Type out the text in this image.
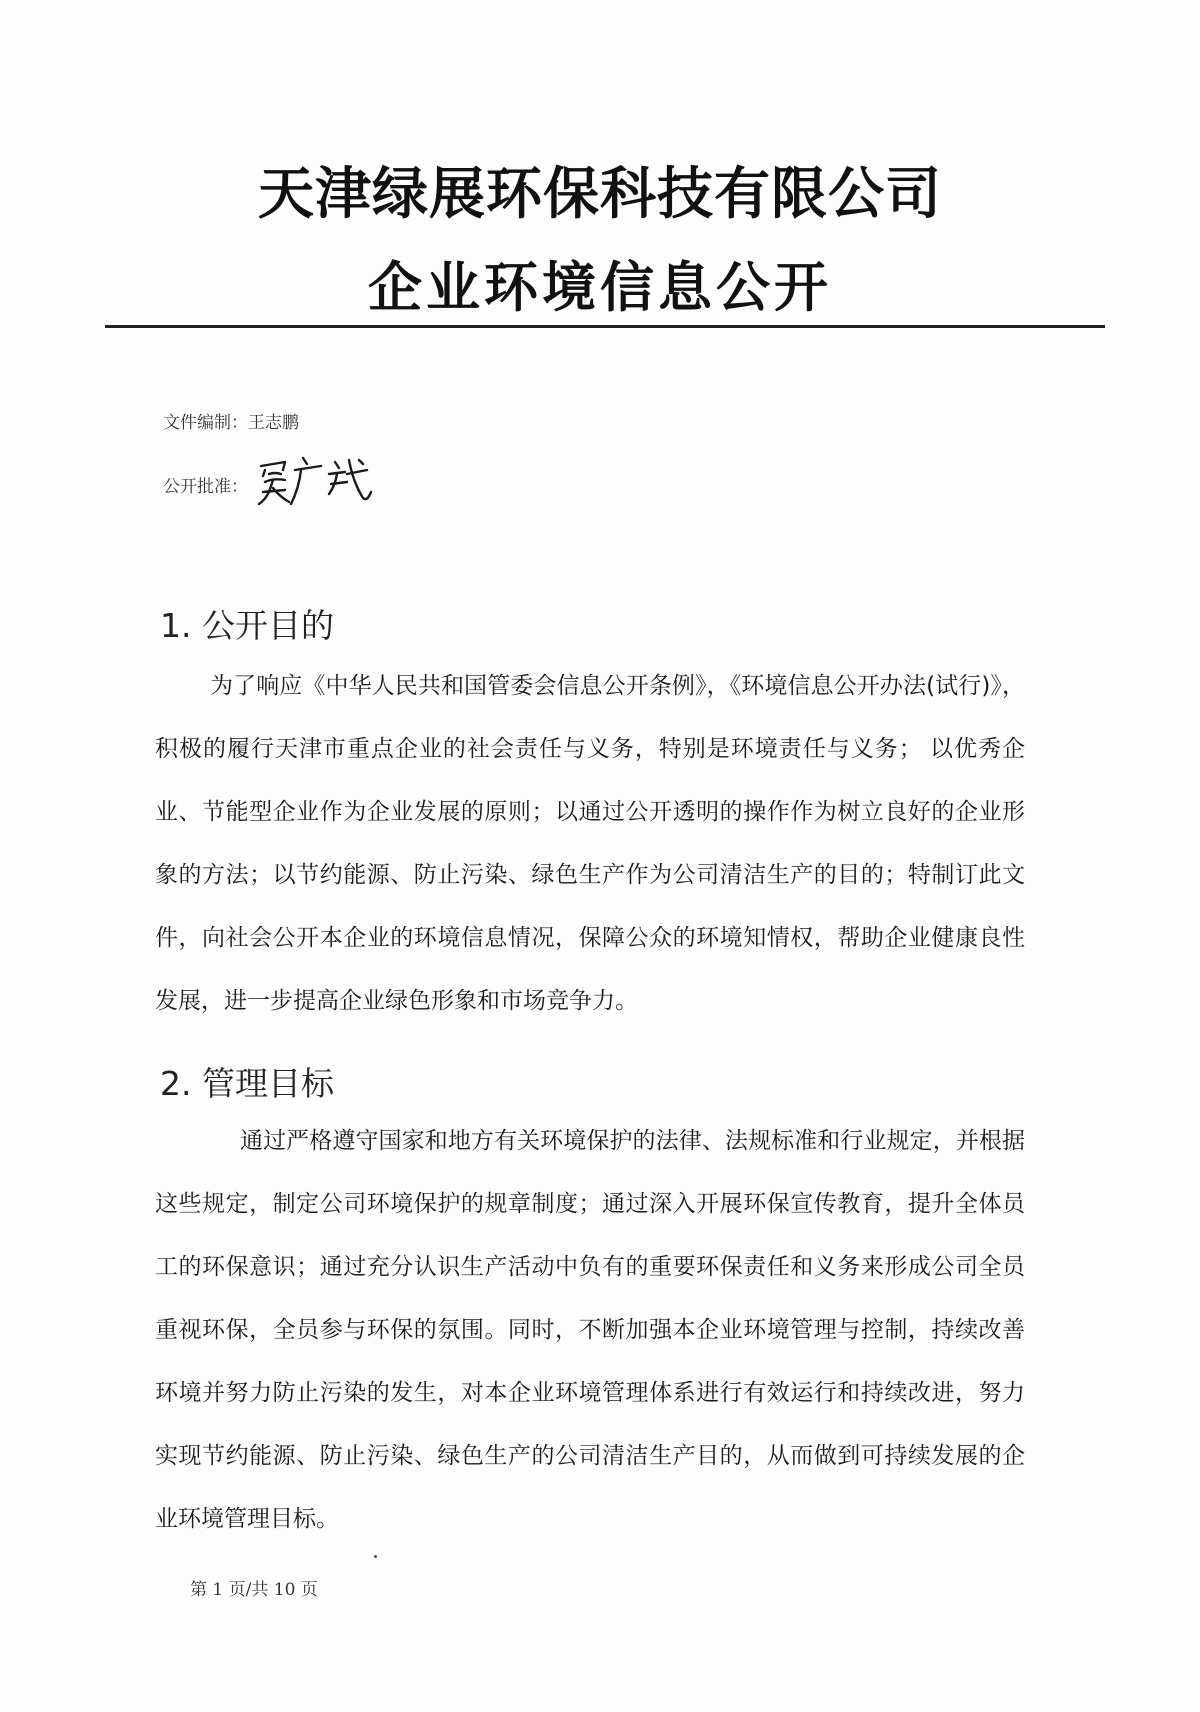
天津绿展环保科技有限公司
企业环境信息公开
文件编制：王志鹏
公开批准：
1. 公开目的

为了响应《中华人民共和国管委会信息公开条例》，《环境信息公开办法(试行)》，积极的履行天津市重点企业的社会责任与义务，特别是环境责任与义务； 以优秀企业、节能型企业作为企业发展的原则；以通过公开透明的操作作为树立良好的企业形象的方法；以节约能源、防止污染、绿色生产作为公司清洁生产的目的；特制订此文件，向社会公开本企业的环境信息情况，保障公众的环境知情权，帮助企业健康良性发展，进一步提高企业绿色形象和市场竞争力。

2. 管理目标

通过严格遵守国家和地方有关环境保护的法律、法规标准和行业规定，并根据这些规定，制定公司环境保护的规章制度；通过深入开展环保宣传教育，提升全体员工的环保意识；通过充分认识生产活动中负有的重要环保责任和义务来形成公司全员重视环保，全员参与环保的氛围。同时，不断加强本企业环境管理与控制，持续改善环境并努力防止污染的发生，对本企业环境管理体系进行有效运行和持续改进，努力实现节约能源、防止污染、绿色生产的公司清洁生产目的，从而做到可持续发展的企业环境管理目标。

第 1 页/共 10 页
